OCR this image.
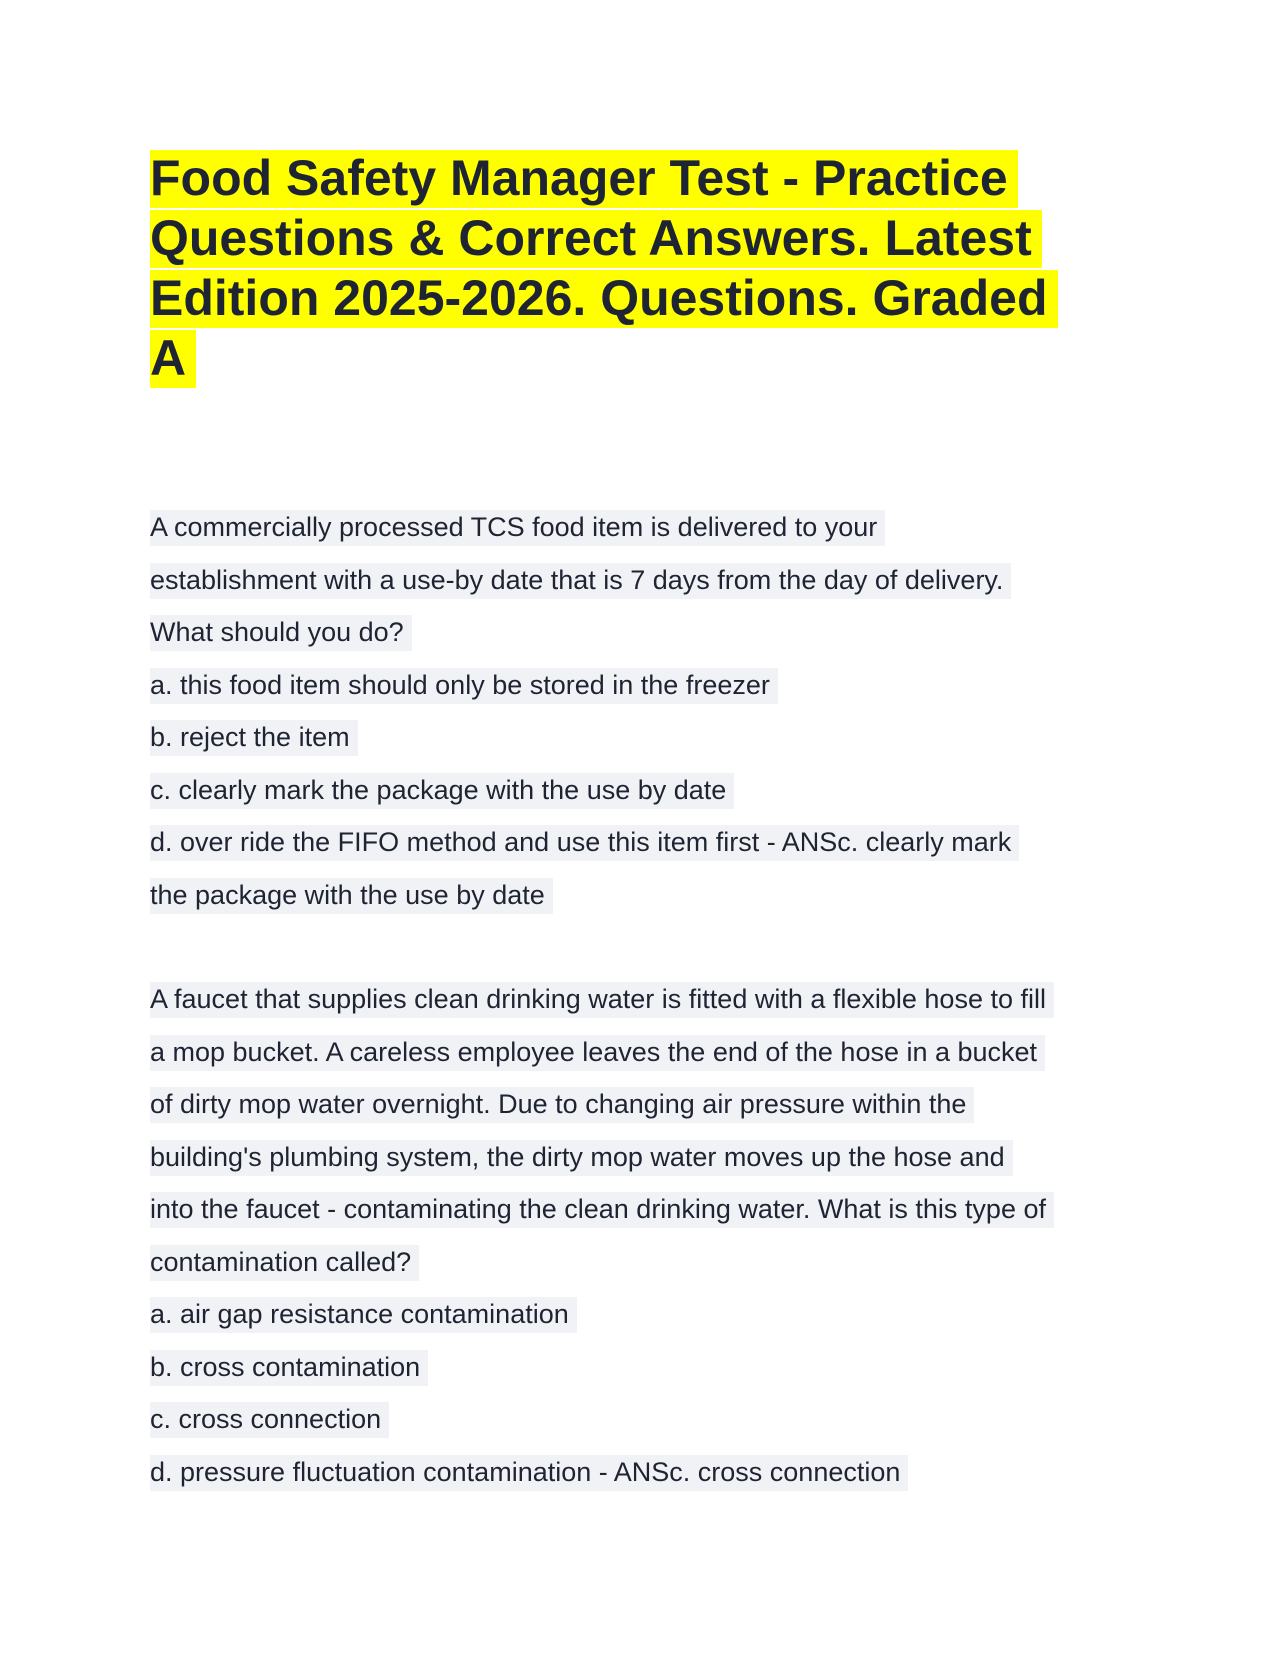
Food Safety Manager Test - Practice
Questions & Correct Answers. Latest
Edition 2025-2026. Questions. Graded
A
A commercially processed TCS food item is delivered to your
establishment with a use-by date that is 7 days from the day of delivery.
What should you do?
a. this food item should only be stored in the freezer
b. reject the item
c. clearly mark the package with the use by date
d. over ride the FIFO method and use this item first - ANSc. clearly mark
the package with the use by date
A faucet that supplies clean drinking water is fitted with a flexible hose to fill
a mop bucket. A careless employee leaves the end of the hose in a bucket
of dirty mop water overnight. Due to changing air pressure within the
building's plumbing system, the dirty mop water moves up the hose and
into the faucet - contaminating the clean drinking water. What is this type of
contamination called?
a. air gap resistance contamination
b. cross contamination
c. cross connection
d. pressure fluctuation contamination - ANSc. cross connection
